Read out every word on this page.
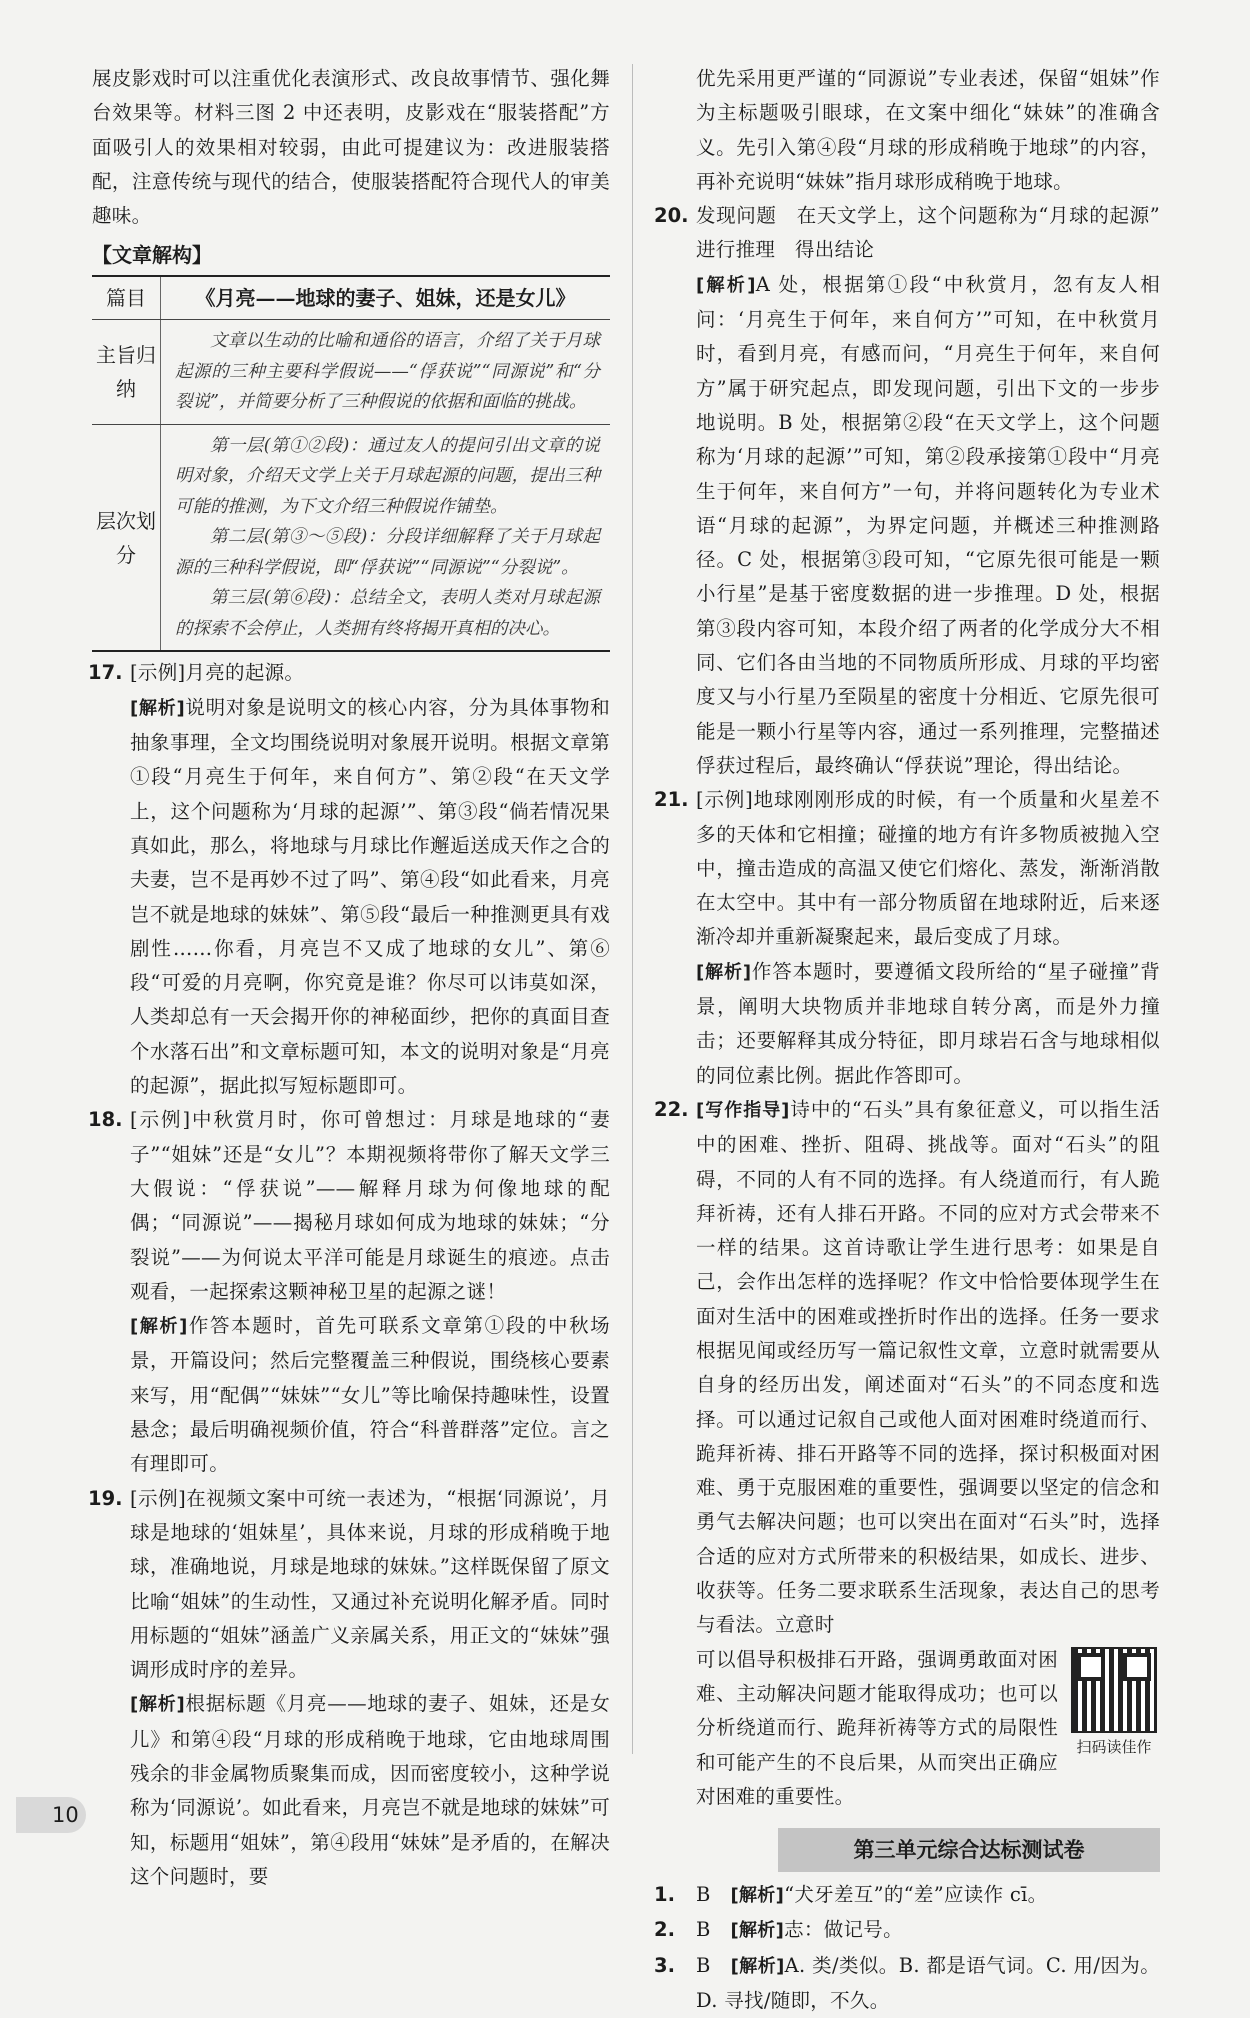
展皮影戏时可以注重优化表演形式、改良故事情节、强化舞台效果等。材料三图 2 中还表明，皮影戏在“服装搭配”方面吸引人的效果相对较弱，由此可提建议为：改进服装搭配，注意传统与现代的结合，使服装搭配符合现代人的审美趣味。

【文章解构】
篇目	《月亮——地球的妻子、姐妹，还是女儿》
主旨归纳	文章以生动的比喻和通俗的语言，介绍了关于月球起源的三种主要科学假说——“俘获说”“同源说”和“分裂说”，并简要分析了三种假说的依据和面临的挑战。

层次划分	第一层(第①②段)：通过友人的提问引出文章的说明对象，介绍天文学上关于月球起源的问题，提出三种可能的推测，为下文介绍三种假说作铺垫。
第二层(第③～⑤段)：分段详细解释了关于月球起源的三种科学假说，即“俘获说”“同源说”“分裂说”。
第三层(第⑥段)：总结全文，表明人类对月球起源的探索不会停止，人类拥有终将揭开真相的决心。
17. [示例]月亮的起源。

[解析]说明对象是说明文的核心内容，分为具体事物和抽象事理，全文均围绕说明对象展开说明。根据文章第①段“月亮生于何年，来自何方”、第②段“在天文学上，这个问题称为‘月球的起源’”、第③段“倘若情况果真如此，那么，将地球与月球比作邂逅送成天作之合的夫妻，岂不是再妙不过了吗”、第④段“如此看来，月亮岂不就是地球的妹妹”、第⑤段“最后一种推测更具有戏剧性……你看，月亮岂不又成了地球的女儿”、第⑥段“可爱的月亮啊，你究竟是谁？你尽可以讳莫如深，人类却总有一天会揭开你的神秘面纱，把你的真面目查个水落石出”和文章标题可知，本文的说明对象是“月亮的起源”，据此拟写短标题即可。

18. [示例]中秋赏月时，你可曾想过：月球是地球的“妻子”“姐妹”还是“女儿”？本期视频将带你了解天文学三大假说：“俘获说”——解释月球为何像地球的配偶；“同源说”——揭秘月球如何成为地球的妹妹；“分裂说”——为何说太平洋可能是月球诞生的痕迹。点击观看，一起探索这颗神秘卫星的起源之谜！

[解析]作答本题时，首先可联系文章第①段的中秋场景，开篇设问；然后完整覆盖三种假说，围绕核心要素来写，用“配偶”“妹妹”“女儿”等比喻保持趣味性，设置悬念；最后明确视频价值，符合“科普群落”定位。言之有理即可。

19. [示例]在视频文案中可统一表述为，“根据‘同源说’，月球是地球的‘姐妹星’，具体来说，月球的形成稍晚于地球，准确地说，月球是地球的妹妹。”这样既保留了原文比喻“姐妹”的生动性，又通过补充说明化解矛盾。同时用标题的“姐妹”涵盖广义亲属关系，用正文的“妹妹”强调形成时序的差异。

[解析]根据标题《月亮——地球的妻子、姐妹，还是女儿》和第④段“月球的形成稍晚于地球，它由地球周围残余的非金属物质聚集而成，因而密度较小，这种学说称为‘同源说’。如此看来，月亮岂不就是地球的妹妹”可知，标题用“姐妹”，第④段用“妹妹”是矛盾的，在解决这个问题时，要

优先采用更严谨的“同源说”专业表述，保留“姐妹”作为主标题吸引眼球，在文案中细化“妹妹”的准确含义。先引入第④段“月球的形成稍晚于地球”的内容，再补充说明“妹妹”指月球形成稍晚于地球。

20. 发现问题　在天文学上，这个问题称为“月球的起源”　进行推理　得出结论

[解析]A 处，根据第①段“中秋赏月，忽有友人相问：‘月亮生于何年，来自何方’”可知，在中秋赏月时，看到月亮，有感而问，“月亮生于何年，来自何方”属于研究起点，即发现问题，引出下文的一步步地说明。B 处，根据第②段“在天文学上，这个问题称为‘月球的起源’”可知，第②段承接第①段中“月亮生于何年，来自何方”一句，并将问题转化为专业术语“月球的起源”，为界定问题，并概述三种推测路径。C 处，根据第③段可知，“它原先很可能是一颗小行星”是基于密度数据的进一步推理。D 处，根据第③段内容可知，本段介绍了两者的化学成分大不相同、它们各由当地的不同物质所形成、月球的平均密度又与小行星乃至陨星的密度十分相近、它原先很可能是一颗小行星等内容，通过一系列推理，完整描述俘获过程后，最终确认“俘获说”理论，得出结论。

21. [示例]地球刚刚形成的时候，有一个质量和火星差不多的天体和它相撞；碰撞的地方有许多物质被抛入空中，撞击造成的高温又使它们熔化、蒸发，渐渐消散在太空中。其中有一部分物质留在地球附近，后来逐渐冷却并重新凝聚起来，最后变成了月球。

[解析]作答本题时，要遵循文段所给的“星子碰撞”背景，阐明大块物质并非地球自转分离，而是外力撞击；还要解释其成分特征，即月球岩石含与地球相似的同位素比例。据此作答即可。

22. [写作指导]诗中的“石头”具有象征意义，可以指生活中的困难、挫折、阻碍、挑战等。面对“石头”的阻碍，不同的人有不同的选择。有人绕道而行，有人跪拜祈祷，还有人排石开路。不同的应对方式会带来不一样的结果。这首诗歌让学生进行思考：如果是自己，会作出怎样的选择呢？作文中恰恰要体现学生在面对生活中的困难或挫折时作出的选择。任务一要求根据见闻或经历写一篇记叙性文章，立意时就需要从自身的经历出发，阐述面对“石头”的不同态度和选择。可以通过记叙自己或他人面对困难时绕道而行、跪拜祈祷、排石开路等不同的选择，探讨积极面对困难、勇于克服困难的重要性，强调要以坚定的信念和勇气去解决问题；也可以突出在面对“石头”时，选择合适的应对方式所带来的积极结果，如成长、进步、收获等。任务二要求联系生活现象，表达自己的思考与看法。立意时

扫码读佳作

可以倡导积极排石开路，强调勇敢面对困难、主动解决问题才能取得成功；也可以分析绕道而行、跪拜祈祷等方式的局限性和可能产生的不良后果，从而突出正确应对困难的重要性。

第三单元综合达标测试卷
1. B　 [解析]“犬牙差互”的“差”应读作 cī。

2. B　 [解析]志：做记号。

3. B　 [解析]A. 类/类似。B. 都是语气词。C. 用/因为。D. 寻找/随即，不久。

10
